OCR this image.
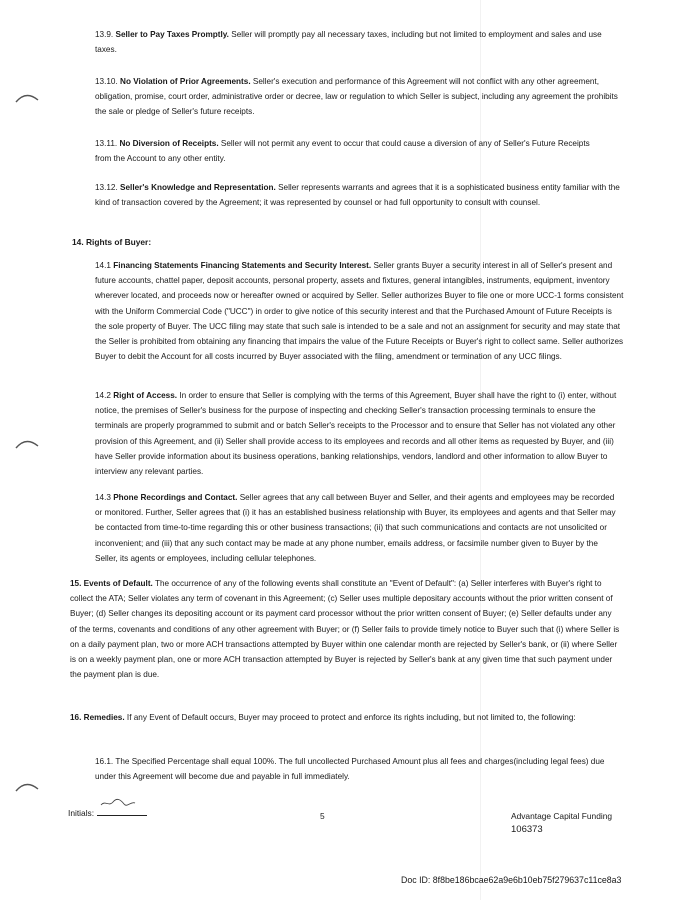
13.9. Seller to Pay Taxes Promptly. Seller will promptly pay all necessary taxes, including but not limited to employment and sales and use taxes.
13.10. No Violation of Prior Agreements. Seller's execution and performance of this Agreement will not conflict with any other agreement, obligation, promise, court order, administrative order or decree, law or regulation to which Seller is subject, including any agreement the prohibits the sale or pledge of Seller's future receipts.
13.11. No Diversion of Receipts. Seller will not permit any event to occur that could cause a diversion of any of Seller's Future Receipts from the Account to any other entity.
13.12. Seller's Knowledge and Representation. Seller represents warrants and agrees that it is a sophisticated business entity familiar with the kind of transaction covered by the Agreement; it was represented by counsel or had full opportunity to consult with counsel.
14. Rights of Buyer:
14.1 Financing Statements Financing Statements and Security Interest. Seller grants Buyer a security interest in all of Seller's present and future accounts, chattel paper, deposit accounts, personal property, assets and fixtures, general intangibles, instruments, equipment, inventory wherever located, and proceeds now or hereafter owned or acquired by Seller. Seller authorizes Buyer to file one or more UCC-1 forms consistent with the Uniform Commercial Code ("UCC") in order to give notice of this security interest and that the Purchased Amount of Future Receipts is the sole property of Buyer. The UCC filing may state that such sale is intended to be a sale and not an assignment for security and may state that the Seller is prohibited from obtaining any financing that impairs the value of the Future Receipts or Buyer's right to collect same. Seller authorizes Buyer to debit the Account for all costs incurred by Buyer associated with the filing, amendment or termination of any UCC filings.
14.2 Right of Access. In order to ensure that Seller is complying with the terms of this Agreement, Buyer shall have the right to (i) enter, without notice, the premises of Seller's business for the purpose of inspecting and checking Seller's transaction processing terminals to ensure the terminals are properly programmed to submit and or batch Seller's receipts to the Processor and to ensure that Seller has not violated any other provision of this Agreement, and (ii) Seller shall provide access to its employees and records and all other items as requested by Buyer, and (iii) have Seller provide information about its business operations, banking relationships, vendors, landlord and other information to allow Buyer to interview any relevant parties.
14.3 Phone Recordings and Contact. Seller agrees that any call between Buyer and Seller, and their agents and employees may be recorded or monitored. Further, Seller agrees that (i) it has an established business relationship with Buyer, its employees and agents and that Seller may be contacted from time-to-time regarding this or other business transactions; (ii) that such communications and contacts are not unsolicited or inconvenient; and (iii) that any such contact may be made at any phone number, emails address, or facsimile number given to Buyer by the Seller, its agents or employees, including cellular telephones.
15. Events of Default. The occurrence of any of the following events shall constitute an "Event of Default": (a) Seller interferes with Buyer's right to collect the ATA; Seller violates any term of covenant in this Agreement; (c) Seller uses multiple depositary accounts without the prior written consent of Buyer; (d) Seller changes its depositing account or its payment card processor without the prior written consent of Buyer; (e) Seller defaults under any of the terms, covenants and conditions of any other agreement with Buyer; or (f) Seller fails to provide timely notice to Buyer such that (i) where Seller is on a daily payment plan, two or more ACH transactions attempted by Buyer within one calendar month are rejected by Seller's bank, or (ii) where Seller is on a weekly payment plan, one or more ACH transaction attempted by Buyer is rejected by Seller's bank at any given time that such payment under the payment plan is due.
16. Remedies. If any Event of Default occurs, Buyer may proceed to protect and enforce its rights including, but not limited to, the following:
16.1. The Specified Percentage shall equal 100%. The full uncollected Purchased Amount plus all fees and charges(including legal fees) due under this Agreement will become due and payable in full immediately.
Initials:	5	Advantage Capital Funding
106373
Doc ID: 8f8be186bcae62a9e6b10eb75f279637c11ce8a3
